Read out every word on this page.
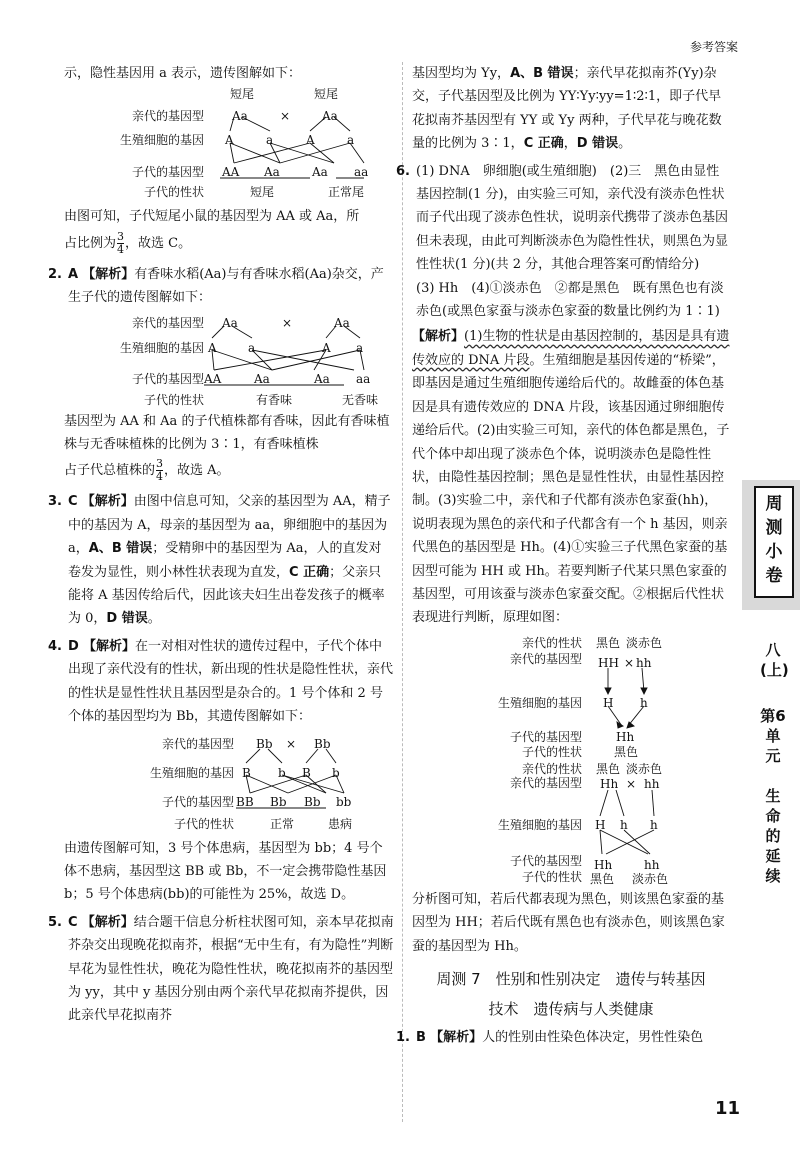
参考答案

示，隐性基因用 a 表示，遗传图解如下：

短尾	短尾
亲代的基因型 Aa	×	Aa
生殖细胞的基因 A	a	A	a
子代的基因型 AA Aa	Aa aa
子代的性状	短尾	正常尾

由图可知，子代短尾小鼠的基因型为 AA 或 Aa，所

占比例为 $\frac{3}{4}$ ，故选 C。

2. A 【解析】有香味水稻(Aa)与有香味水稻(Aa)杂交，产生子代的遗传图解如下：

亲代的基因型 Aa	×	Aa
生殖细胞的基因 A	a	A a
子代的基因型 AA	Aa	Aa aa
子代的性状	有香味	无香味

基因型为 AA 和 Aa 的子代植株都有香味，因此有香味植株与无香味植株的比例为 3∶1，有香味植株

占子代总植株的 $\frac{3}{4}$ ，故选 A。

3. C 【解析】由图中信息可知，父亲的基因型为 AA，精子中的基因为 A，母亲的基因型为 aa，卵细胞中的基因为 a，A、B 错误；受精卵中的基因型为 Aa，人的直发对卷发为显性，则小林性状表现为直发，C 正确；父亲只能将 A 基因传给后代，因此该夫妇生出卷发孩子的概率为 0，D 错误。

4. D 【解析】在一对相对性状的遗传过程中，子代个体中出现了亲代没有的性状，新出现的性状是隐性性状，亲代的性状是显性性状且基因型是杂合的。1 号个体和 2 号个体的基因型均为 Bb，其遗传图解如下：

亲代的基因型 Bb × Bb
生殖细胞的基因 B b B b
子代的基因型 BB Bb Bb bb
子代的性状	正常	患病

由遗传图解可知，3 号个体患病，基因型为 bb；4 号个体不患病，基因型这 BB 或 Bb，不一定会携带隐性基因 b；5 号个体患病(bb)的可能性为 25%，故选 D。

5. C 【解析】结合题干信息分析柱状图可知，亲本早花拟南芥杂交出现晚花拟南芥，根据“无中生有，有为隐性”判断早花为显性性状，晚花为隐性性状，晚花拟南芥的基因型为 yy，其中 y 基因分别由两个亲代早花拟南芥提供，因此亲代早花拟南芥

基因型均为 Yy，A、B 错误；亲代早花拟南芥(Yy)杂交，子代基因型及比例为 YY∶Yy∶yy=1∶2∶1，即子代早花拟南芥基因型有 YY 或 Yy 两种，子代早花与晚花数量的比例为 3∶1，C 正确，D 错误。

6. (1) DNA　卵细胞(或生殖细胞)　(2)三　黑色由显性基因控制(1 分)，由实验三可知，亲代没有淡赤色性状而子代出现了淡赤色性状，说明亲代携带了淡赤色基因但未表现，由此可判断淡赤色为隐性性状，则黑色为显性性状(1 分)(共 2 分，其他合理答案可酌情给分)　(3) Hh　(4)①淡赤色　②都是黑色　既有黑色也有淡赤色(或黑色家蚕与淡赤色家蚕的数量比例约为 1∶1)

【解析】(1)生物的性状是由基因控制的，基因是具有遗传效应的 DNA 片段。生殖细胞是基因传递的“桥梁”，即基因是通过生殖细胞传递给后代的。故雌蚕的体色基因是具有遗传效应的 DNA 片段，该基因通过卵细胞传递给后代。(2)由实验三可知，亲代的体色都是黑色，子代个体中却出现了淡赤色个体，说明淡赤色是隐性性状，由隐性基因控制；黑色是显性性状，由显性基因控制。(3)实验二中，亲代和子代都有淡赤色家蚕(hh)，说明表现为黑色的亲代和子代都含有一个 h 基因，则亲代黑色的基因型是 Hh。(4)①实验三子代黑色家蚕的基因型可能为 HH 或 Hh。若要判断子代某只黑色家蚕的基因型，可用该蚕与淡赤色家蚕交配。②根据后代性状表现进行判断，原理如图：

亲代的性状 黑色 淡赤色
亲代的基因型 HH × hh
生殖细胞的基因 H h
子代的基因型	Hh
子代的性状	黑色
亲代的性状 黑色 淡赤色
亲代的基因型 Hh × hh
生殖细胞的基因 H h h
子代的基因型 Hh	hh
子代的性状 黑色 淡赤色

分析图可知，若后代都表现为黑色，则该黑色家蚕的基因型为 HH；若后代既有黑色也有淡赤色，则该黑色家蚕的基因型为 Hh。

周测 7　性别和性别决定　遗传与转基因
技术　遗传病与人类健康
1. B 【解析】人的性别由性染色体决定，男性性染色

周测小卷
八(上)
第6单元
生命的延续
11
